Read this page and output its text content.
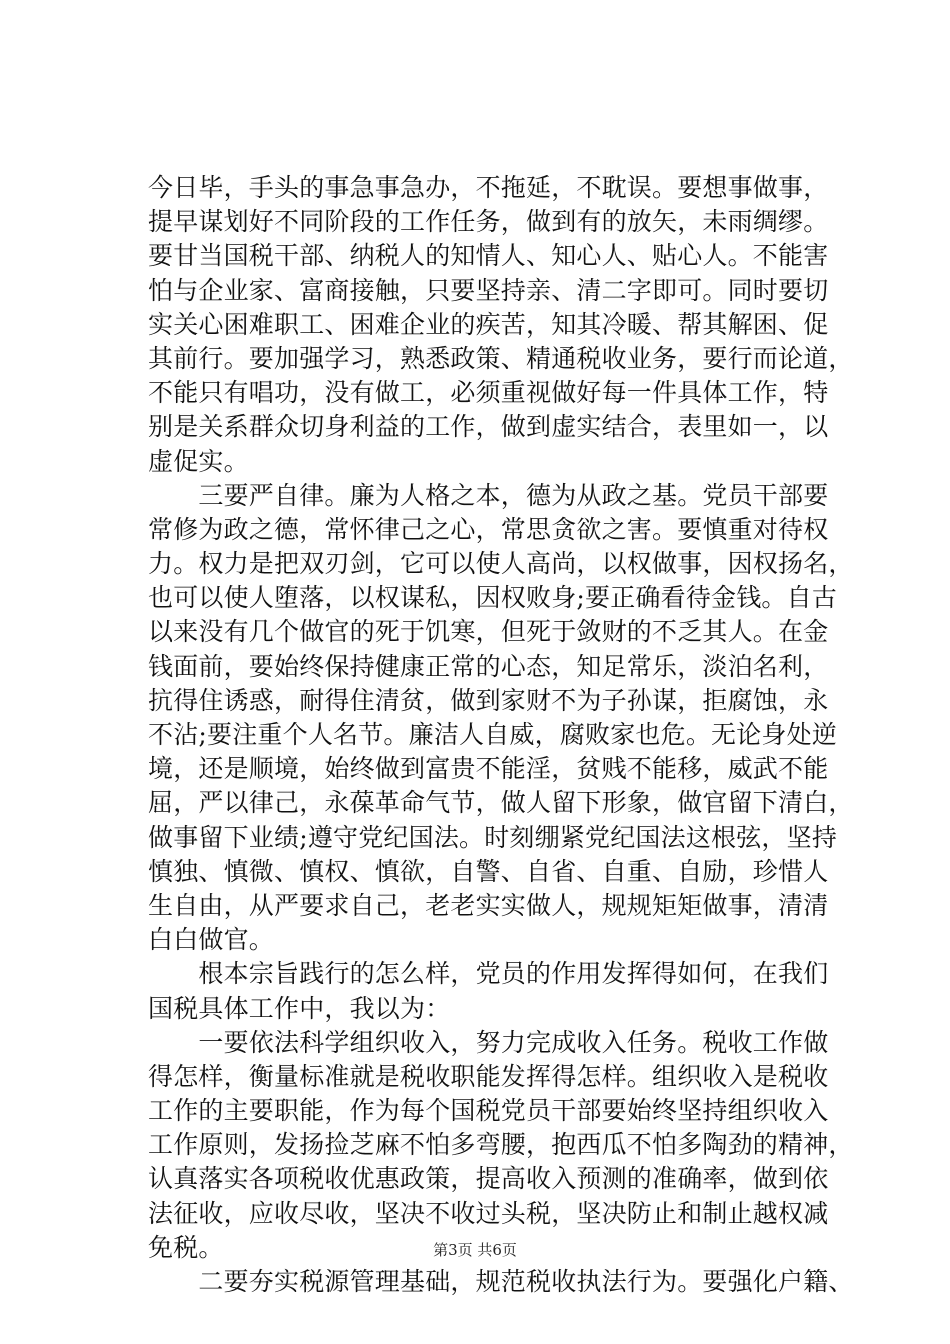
今日毕，手头的事急事急办，不拖延，不耽误。要想事做事，
提早谋划好不同阶段的工作任务，做到有的放矢，未雨绸缪。
要甘当国税干部、纳税人的知情人、知心人、贴心人。不能害
怕与企业家、富商接触，只要坚持亲、清二字即可。同时要切
实关心困难职工、困难企业的疾苦，知其冷暖、帮其解困、促
其前行。要加强学习，熟悉政策、精通税收业务，要行而论道，
不能只有唱功，没有做工，必须重视做好每一件具体工作，特
别是关系群众切身利益的工作，做到虚实结合，表里如一，以
虚促实。
　　三要严自律。廉为人格之本，德为从政之基。党员干部要
常修为政之德，常怀律己之心，常思贪欲之害。要慎重对待权
力。权力是把双刃剑，它可以使人高尚，以权做事，因权扬名，
也可以使人堕落，以权谋私，因权败身;要正确看待金钱。自古
以来没有几个做官的死于饥寒，但死于敛财的不乏其人。在金
钱面前，要始终保持健康正常的心态，知足常乐，淡泊名利，
抗得住诱惑，耐得住清贫，做到家财不为子孙谋，拒腐蚀，永
不沾;要注重个人名节。廉洁人自威，腐败家也危。无论身处逆
境，还是顺境，始终做到富贵不能淫，贫贱不能移，威武不能
屈，严以律己，永葆革命气节，做人留下形象，做官留下清白，
做事留下业绩;遵守党纪国法。时刻绷紧党纪国法这根弦，坚持
慎独、慎微、慎权、慎欲，自警、自省、自重、自励，珍惜人
生自由，从严要求自己，老老实实做人，规规矩矩做事，清清
白白做官。
　　根本宗旨践行的怎么样，党员的作用发挥得如何，在我们
国税具体工作中，我以为：
　　一要依法科学组织收入，努力完成收入任务。税收工作做
得怎样，衡量标准就是税收职能发挥得怎样。组织收入是税收
工作的主要职能，作为每个国税党员干部要始终坚持组织收入
工作原则，发扬捡芝麻不怕多弯腰，抱西瓜不怕多陶劲的精神，
认真落实各项税收优惠政策，提高收入预测的准确率，做到依
法征收，应收尽收，坚决不收过头税，坚决防止和制止越权减
免税。
　　二要夯实税源管理基础，规范税收执法行为。要强化户籍、
第3页 共6页
